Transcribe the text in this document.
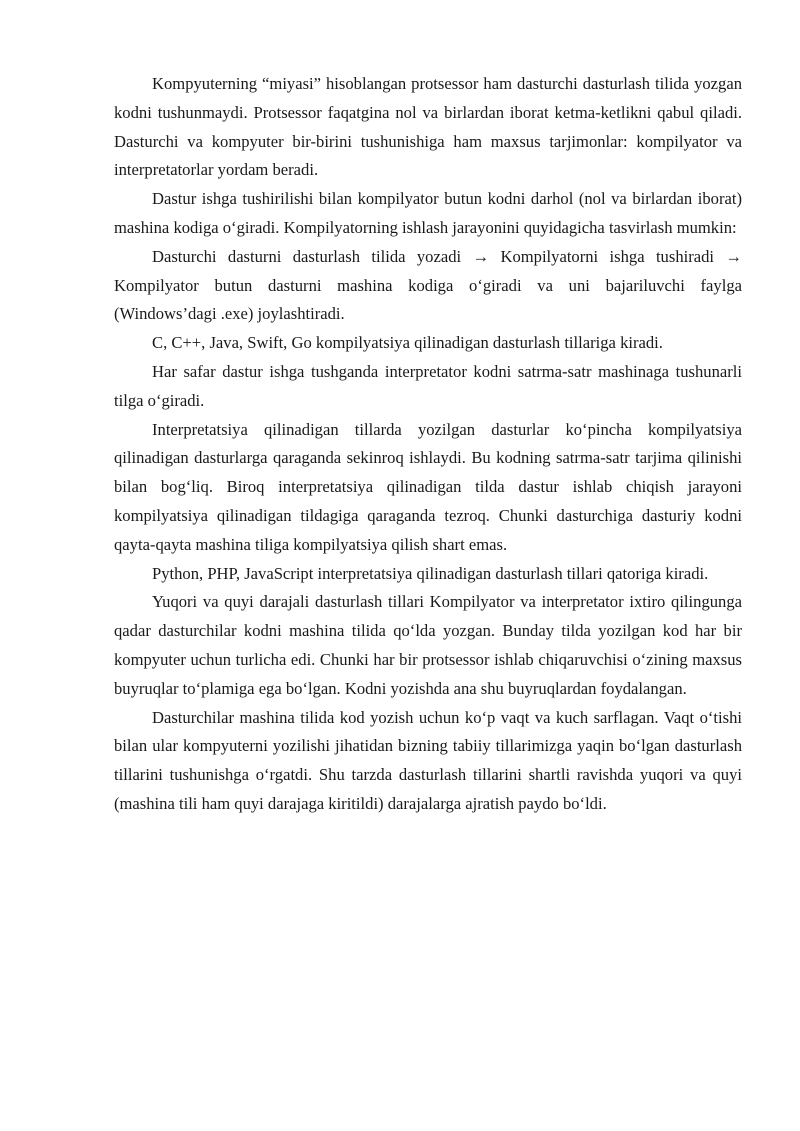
Kompyuterning “miyasi” hisoblangan protsessor ham dasturchi dasturlash tilida yozgan kodni tushunmaydi. Protsessor faqatgina nol va birlardan iborat ketma-ketlikni qabul qiladi. Dasturchi va kompyuter bir-birini tushunishiga ham maxsus tarjimonlar: kompilyator va interpretatorlar yordam beradi.

Dastur ishga tushirilishi bilan kompilyator butun kodni darhol (nol va birlardan iborat) mashina kodiga o‘giradi. Kompilyatorning ishlash jarayonini quyidagicha tasvirlash mumkin:

Dasturchi dasturni dasturlash tilida yozadi → Kompilyatorni ishga tushiradi → Kompilyator butun dasturni mashina kodiga o‘giradi va uni bajariluvchi faylga (Windows’dagi .exe) joylashtiradi.

C, C++, Java, Swift, Go kompilyatsiya qilinadigan dasturlash tillariga kiradi.

Har safar dastur ishga tushganda interpretator kodni satrma-satr mashinaga tushunarli tilga o‘giradi.

Interpretatsiya qilinadigan tillarda yozilgan dasturlar ko‘pincha kompilyatsiya qilinadigan dasturlarga qaraganda sekinroq ishlaydi. Bu kodning satrma-satr tarjima qilinishi bilan bog‘liq. Biroq interpretatsiya qilinadigan tilda dastur ishlab chiqish jarayoni kompilyatsiya qilinadigan tildagiga qaraganda tezroq. Chunki dasturchiga dasturiy kodni qayta-qayta mashina tiliga kompilyatsiya qilish shart emas.

Python, PHP, JavaScript interpretatsiya qilinadigan dasturlash tillari qatoriga kiradi.

Yuqori va quyi darajali dasturlash tillari Kompilyator va interpretator ixtiro qilingunga qadar dasturchilar kodni mashina tilida qo‘lda yozgan. Bunday tilda yozilgan kod har bir kompyuter uchun turlicha edi. Chunki har bir protsessor ishlab chiqaruvchisi o‘zining maxsus buyruqlar to‘plamiga ega bo‘lgan. Kodni yozishda ana shu buyruqlardan foydalangan.

Dasturchilar mashina tilida kod yozish uchun ko‘p vaqt va kuch sarflagan. Vaqt o‘tishi bilan ular kompyuterni yozilishi jihatidan bizning tabiiy tillarimizga yaqin bo‘lgan dasturlash tillarini tushunishga o‘rgatdi. Shu tarzda dasturlash tillarini shartli ravishda yuqori va quyi (mashina tili ham quyi darajaga kiritildi) darajalarga ajratish paydo bo‘ldi.
